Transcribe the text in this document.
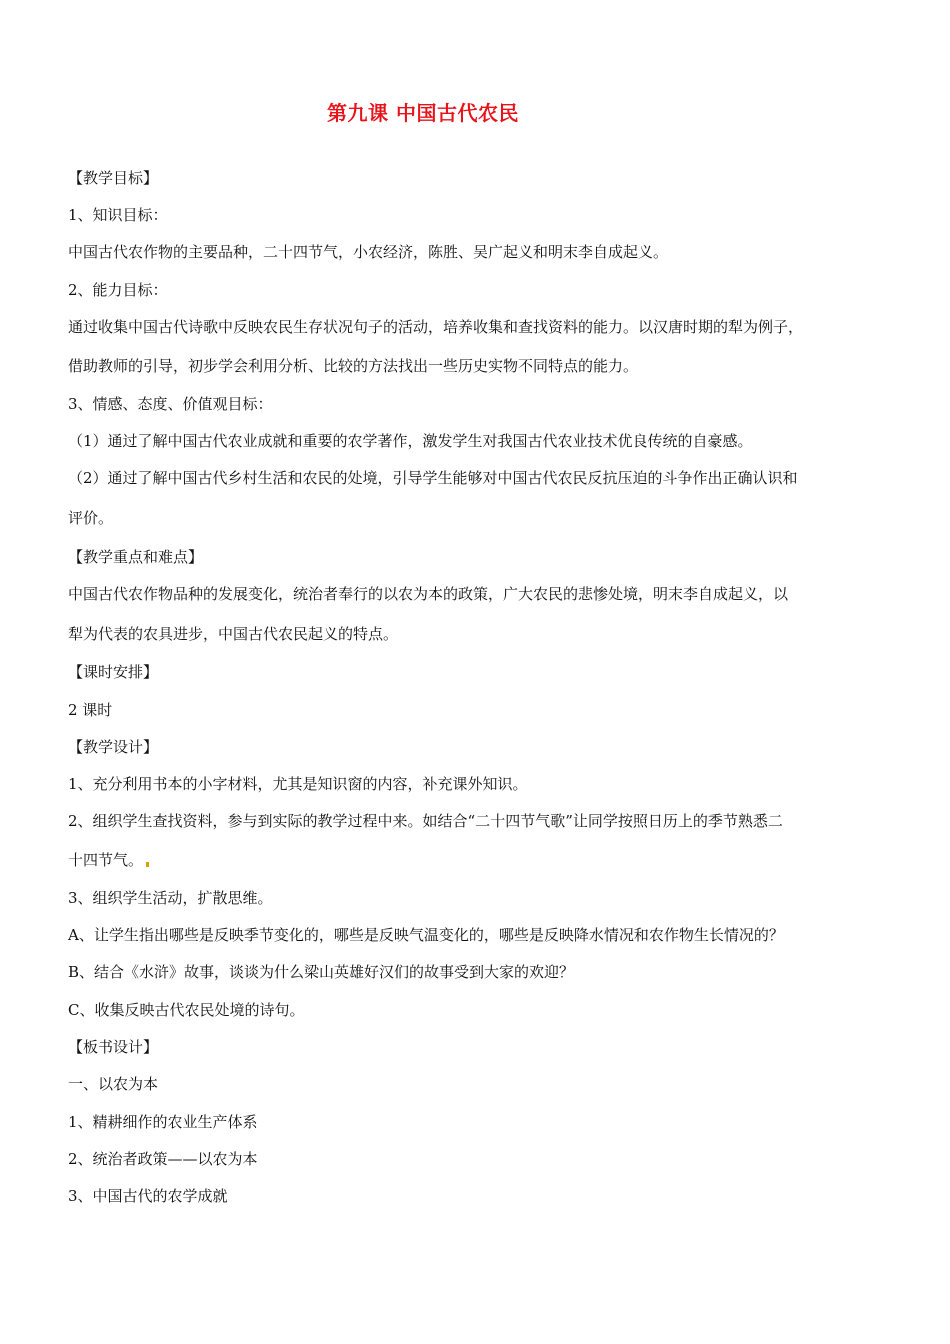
第九课 中国古代农民
【教学目标】
1、知识目标：
中国古代农作物的主要品种，二十四节气，小农经济，陈胜、吴广起义和明末李自成起义。
2、能力目标：
通过收集中国古代诗歌中反映农民生存状况句子的活动，培养收集和查找资料的能力。以汉唐时期的犁为例子，
借助教师的引导，初步学会利用分析、比较的方法找出一些历史实物不同特点的能力。
3、情感、态度、价值观目标：
（1）通过了解中国古代农业成就和重要的农学著作，激发学生对我国古代农业技术优良传统的自豪感。
（2）通过了解中国古代乡村生活和农民的处境，引导学生能够对中国古代农民反抗压迫的斗争作出正确认识和
评价。
【教学重点和难点】
中国古代农作物品种的发展变化，统治者奉行的以农为本的政策，广大农民的悲惨处境，明末李自成起义，以
犁为代表的农具进步，中国古代农民起义的特点。
【课时安排】
2 课时
【教学设计】
1、充分利用书本的小字材料，尤其是知识窗的内容，补充课外知识。
2、组织学生查找资料，参与到实际的教学过程中来。如结合“二十四节气歌”让同学按照日历上的季节熟悉二
十四节气。
3、组织学生活动，扩散思维。
A、让学生指出哪些是反映季节变化的，哪些是反映气温变化的，哪些是反映降水情况和农作物生长情况的？
B、结合《水浒》故事，谈谈为什么梁山英雄好汉们的故事受到大家的欢迎？
C、收集反映古代农民处境的诗句。
【板书设计】
一、以农为本
1、精耕细作的农业生产体系
2、统治者政策——以农为本
3、中国古代的农学成就
